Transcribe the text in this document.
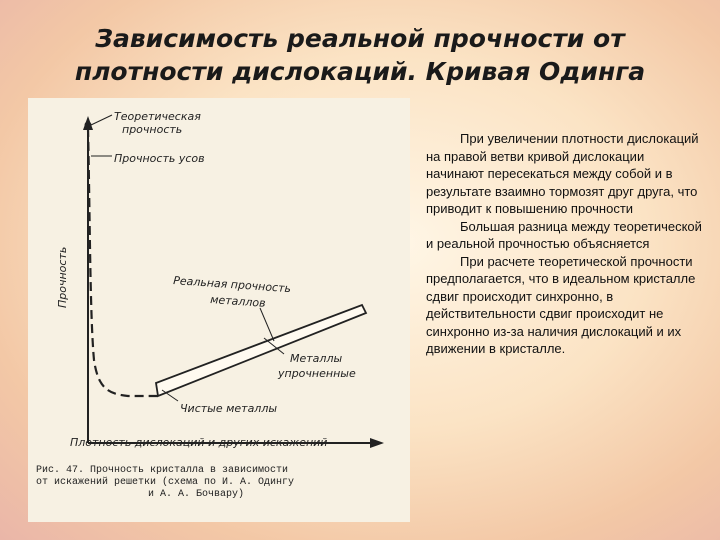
Зависимость реальной прочности от
плотности дислокаций. Кривая Одинга
Прочность
Плотность дислокаций и других искажений
Теоретическая
прочность
Прочность усов
Реальная прочность
металлов
Металлы
упрочненные
Чистые металлы
Рис. 47. Прочность кристалла в зависимости
от искажений решетки (схема по И. А. Одингу
и А. А. Бочвару)

При увеличении плотности дислокаций на правой ветви кривой дислокации начинают пересекаться между собой и в результате взаимно тормозят друг друга, что приводит к повышению прочности

Большая разница между теоретической и реальной прочностью объясняется

При расчете теоретической прочности предполагается, что в идеальном кристалле сдвиг происходит синхронно, в действительности сдвиг происходит не синхронно из-за наличия дислокаций и их движении в кристалле.
